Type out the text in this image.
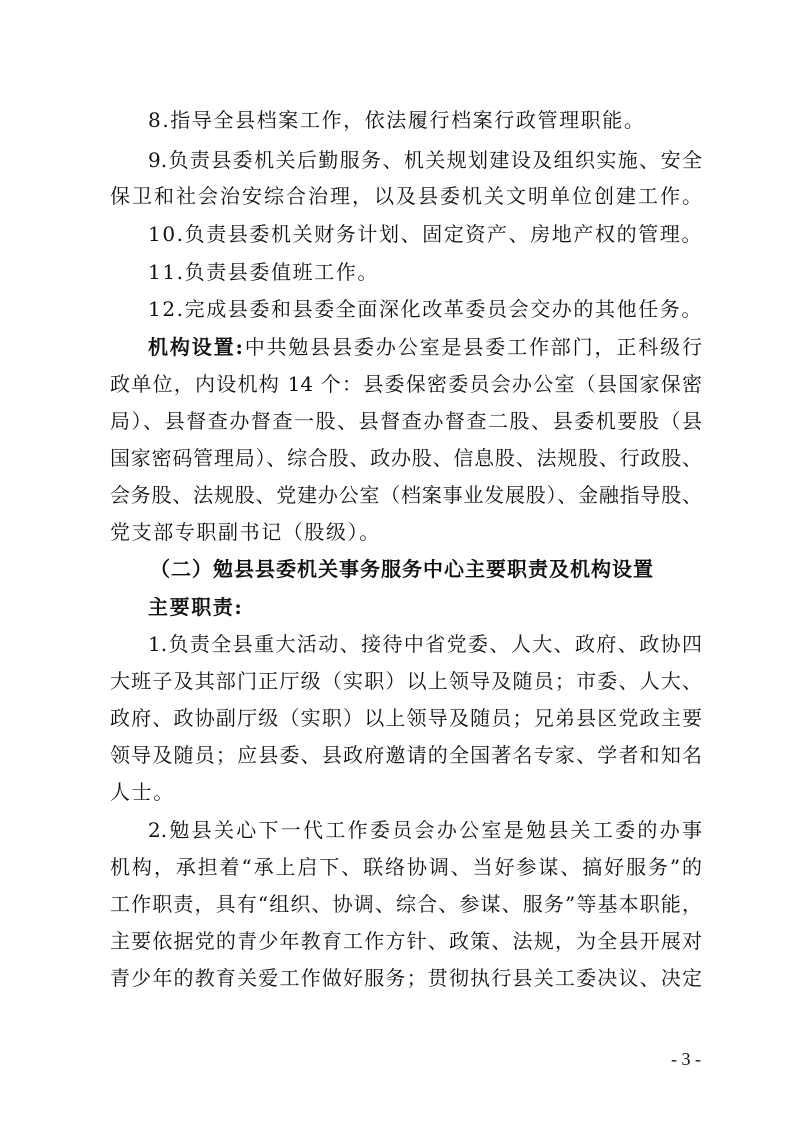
8.指导全县档案工作，依法履行档案行政管理职能。
9.负责县委机关后勤服务、机关规划建设及组织实施、安全
保卫和社会治安综合治理，以及县委机关文明单位创建工作。
10.负责县委机关财务计划、固定资产、房地产权的管理。
11.负责县委值班工作。
12.完成县委和县委全面深化改革委员会交办的其他任务。
机构设置:中共勉县县委办公室是县委工作部门，正科级行
政单位，内设机构 14 个：县委保密委员会办公室（县国家保密
局）、县督查办督查一股、县督查办督查二股、县委机要股（县
国家密码管理局）、综合股、政办股、信息股、法规股、行政股、
会务股、法规股、党建办公室（档案事业发展股）、金融指导股、
党支部专职副书记（股级）。
（二）勉县县委机关事务服务中心主要职责及机构设置
主要职责:
1.负责全县重大活动、接待中省党委、人大、政府、政协四
大班子及其部门正厅级（实职）以上领导及随员；市委、人大、
政府、政协副厅级（实职）以上领导及随员；兄弟县区党政主要
领导及随员；应县委、县政府邀请的全国著名专家、学者和知名
人士。
2.勉县关心下一代工作委员会办公室是勉县关工委的办事
机构，承担着“承上启下、联络协调、当好参谋、搞好服务”的
工作职责，具有“组织、协调、综合、参谋、服务”等基本职能，
主要依据党的青少年教育工作方针、政策、法规，为全县开展对
青少年的教育关爱工作做好服务；贯彻执行县关工委决议、决定
- 3 -
